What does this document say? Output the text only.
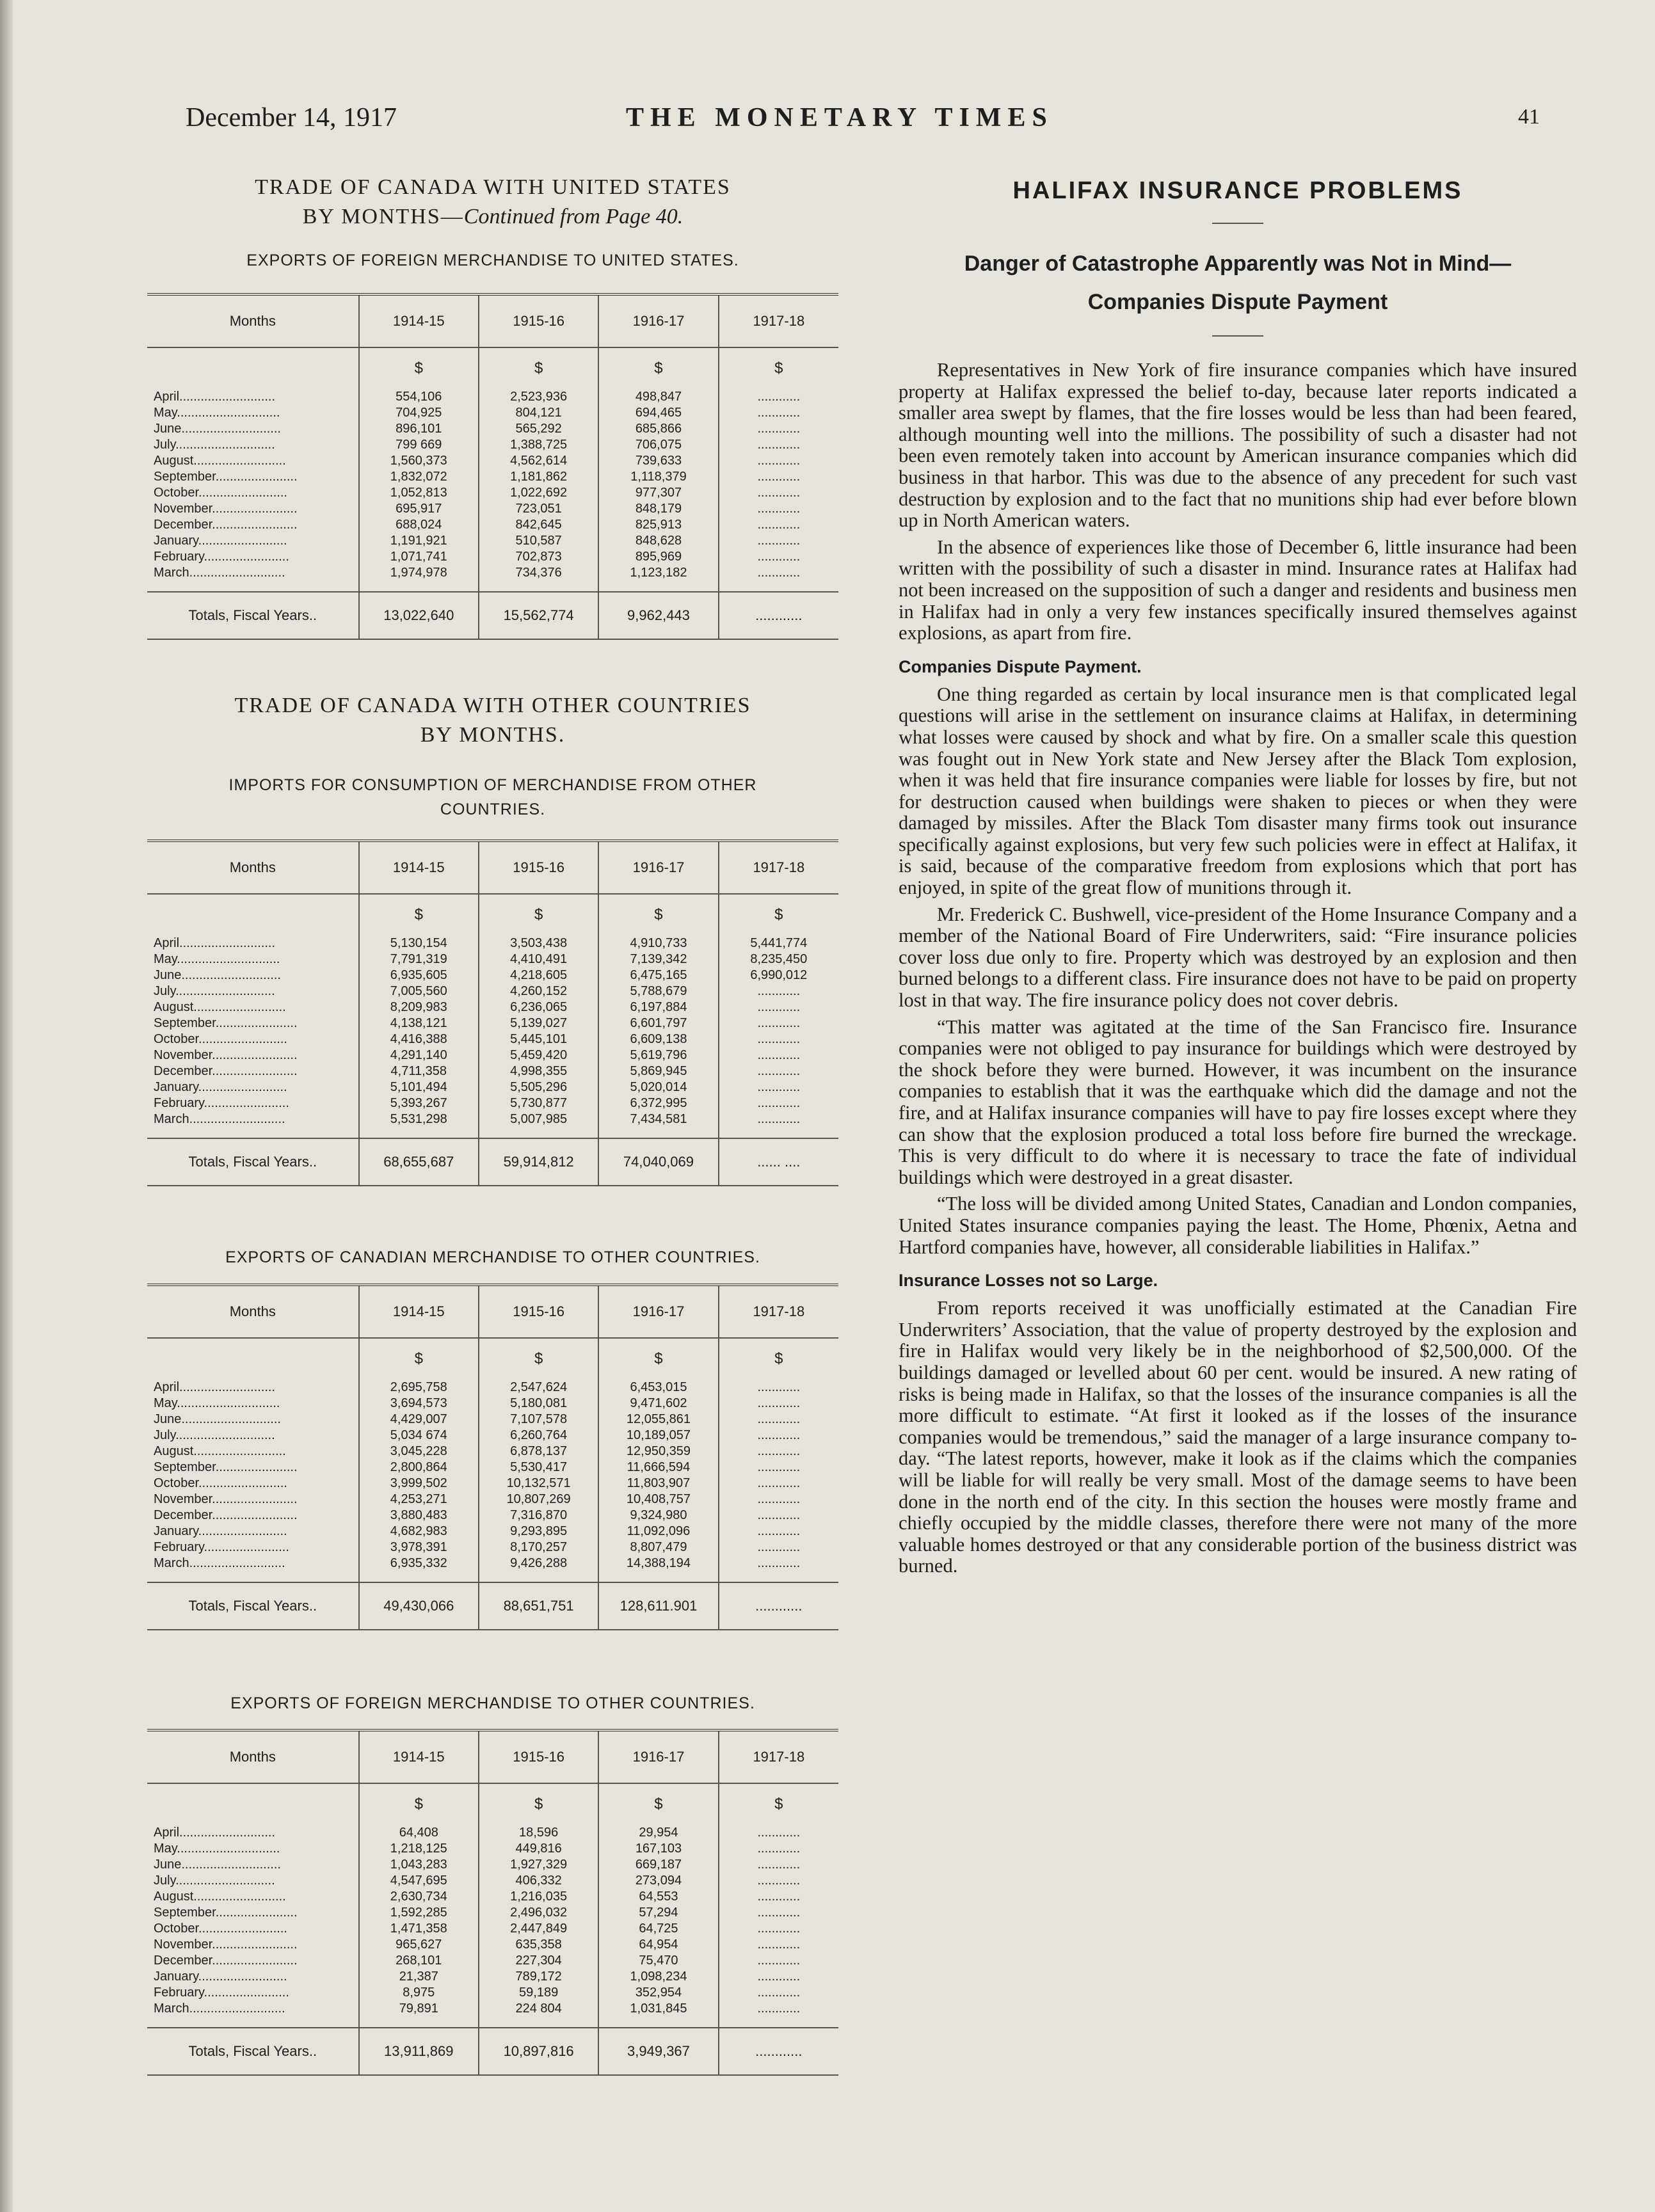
December 14, 1917	THE MONETARY TIMES	41
TRADE OF CANADA WITH UNITED STATES
BY MONTHS—Continued from Page 40.
EXPORTS OF FOREIGN MERCHANDISE TO UNITED STATES.
Months	1914-15	1915-16	1916-17	1917-18
	$	$	$	$
April...........................	554,106	2,523,936	498,847	............
May.............................	704,925	804,121	694,465	............
June............................	896,101	565,292	685,866	............
July............................	799 669	1,388,725	706,075	............
August..........................	1,560,373	4,562,614	739,633	............
September.......................	1,832,072	1,181,862	1,118,379	............
October.........................	1,052,813	1,022,692	977,307	............
November........................	695,917	723,051	848,179	............
December........................	688,024	842,645	825,913	............
January.........................	1,191,921	510,587	848,628	............
February........................	1,071,741	702,873	895,969	............
March...........................	1,974,978	734,376	1,123,182	............

Totals, Fiscal Years..	13,022,640	15,562,774	9,962,443	............
TRADE OF CANADA WITH OTHER COUNTRIES
BY MONTHS.
IMPORTS FOR CONSUMPTION OF MERCHANDISE FROM OTHER COUNTRIES.
Months	1914-15	1915-16	1916-17	1917-18
	$	$	$	$
April...........................	5,130,154	3,503,438	4,910,733	5,441,774
May.............................	7,791,319	4,410,491	7,139,342	8,235,450
June............................	6,935,605	4,218,605	6,475,165	6,990,012
July............................	7,005,560	4,260,152	5,788,679	............
August..........................	8,209,983	6,236,065	6,197,884	............
September.......................	4,138,121	5,139,027	6,601,797	............
October.........................	4,416,388	5,445,101	6,609,138	............
November........................	4,291,140	5,459,420	5,619,796	............
December........................	4,711,358	4,998,355	5,869,945	............
January.........................	5,101,494	5,505,296	5,020,014	............
February........................	5,393,267	5,730,877	6,372,995	............
March...........................	5,531,298	5,007,985	7,434,581	............

Totals, Fiscal Years..	68,655,687	59,914,812	74,040,069	...... ....
EXPORTS OF CANADIAN MERCHANDISE TO OTHER COUNTRIES.
Months	1914-15	1915-16	1916-17	1917-18
	$	$	$	$
April...........................	2,695,758	2,547,624	6,453,015	............
May.............................	3,694,573	5,180,081	9,471,602	............
June............................	4,429,007	7,107,578	12,055,861	............
July............................	5,034 674	6,260,764	10,189,057	............
August..........................	3,045,228	6,878,137	12,950,359	............
September.......................	2,800,864	5,530,417	11,666,594	............
October.........................	3,999,502	10,132,571	11,803,907	............
November........................	4,253,271	10,807,269	10,408,757	............
December........................	3,880,483	7,316,870	9,324,980	............
January.........................	4,682,983	9,293,895	11,092,096	............
February........................	3,978,391	8,170,257	8,807,479	............
March...........................	6,935,332	9,426,288	14,388,194	............

Totals, Fiscal Years..	49,430,066	88,651,751	128,611.901	............
EXPORTS OF FOREIGN MERCHANDISE TO OTHER COUNTRIES.
Months	1914-15	1915-16	1916-17	1917-18
	$	$	$	$
April...........................	64,408	18,596	29,954	............
May.............................	1,218,125	449,816	167,103	............
June............................	1,043,283	1,927,329	669,187	............
July............................	4,547,695	406,332	273,094	............
August..........................	2,630,734	1,216,035	64,553	............
September.......................	1,592,285	2,496,032	57,294	............
October.........................	1,471,358	2,447,849	64,725	............
November........................	965,627	635,358	64,954	............
December........................	268,101	227,304	75,470	............
January.........................	21,387	789,172	1,098,234	............
February........................	8,975	59,189	352,954	............
March...........................	79,891	224 804	1,031,845	............

Totals, Fiscal Years..	13,911,869	10,897,816	3,949,367	............
HALIFAX INSURANCE PROBLEMS

Danger of Catastrophe Apparently was Not in Mind—

Companies Dispute Payment

Representatives in New York of fire insurance companies which have insured property at Halifax expressed the belief to-day, because later reports indicated a smaller area swept by flames, that the fire losses would be less than had been feared, although mounting well into the millions. The possibility of such a disaster had not been even remotely taken into account by American insurance companies which did business in that harbor. This was due to the absence of any precedent for such vast destruction by explosion and to the fact that no munitions ship had ever before blown up in North American waters.

In the absence of experiences like those of December 6, little insurance had been written with the possibility of such a disaster in mind. Insurance rates at Halifax had not been increased on the supposition of such a danger and residents and business men in Halifax had in only a very few instances specifically insured themselves against explosions, as apart from fire.

Companies Dispute Payment.

One thing regarded as certain by local insurance men is that complicated legal questions will arise in the settlement on insurance claims at Halifax, in determining what losses were caused by shock and what by fire. On a smaller scale this question was fought out in New York state and New Jersey after the Black Tom explosion, when it was held that fire insurance companies were liable for losses by fire, but not for destruction caused when buildings were shaken to pieces or when they were damaged by missiles. After the Black Tom disaster many firms took out insurance specifically against explosions, but very few such policies were in effect at Halifax, it is said, because of the comparative freedom from explosions which that port has enjoyed, in spite of the great flow of munitions through it.

Mr. Frederick C. Bushwell, vice-president of the Home Insurance Company and a member of the National Board of Fire Underwriters, said: “Fire insurance policies cover loss due only to fire. Property which was destroyed by an explosion and then burned belongs to a different class. Fire insurance does not have to be paid on property lost in that way. The fire insurance policy does not cover debris.

“This matter was agitated at the time of the San Francisco fire. Insurance companies were not obliged to pay insurance for buildings which were destroyed by the shock before they were burned. However, it was incumbent on the insurance companies to establish that it was the earthquake which did the damage and not the fire, and at Halifax insurance companies will have to pay fire losses except where they can show that the explosion produced a total loss before fire burned the wreckage. This is very difficult to do where it is necessary to trace the fate of individual buildings which were destroyed in a great disaster.

“The loss will be divided among United States, Canadian and London companies, United States insurance companies paying the least. The Home, Phœnix, Aetna and Hartford companies have, however, all considerable liabilities in Halifax.”

Insurance Losses not so Large.

From reports received it was unofficially estimated at the Canadian Fire Underwriters’ Association, that the value of property destroyed by the explosion and fire in Halifax would very likely be in the neighborhood of $2,500,000. Of the buildings damaged or levelled about 60 per cent. would be insured. A new rating of risks is being made in Halifax, so that the losses of the insurance companies is all the more difficult to estimate. “At first it looked as if the losses of the insurance companies would be tremendous,” said the manager of a large insurance company to-day. “The latest reports, however, make it look as if the claims which the companies will be liable for will really be very small. Most of the damage seems to have been done in the north end of the city. In this section the houses were mostly frame and chiefly occupied by the middle classes, therefore there were not many of the more valuable homes destroyed or that any considerable portion of the business district was burned.
